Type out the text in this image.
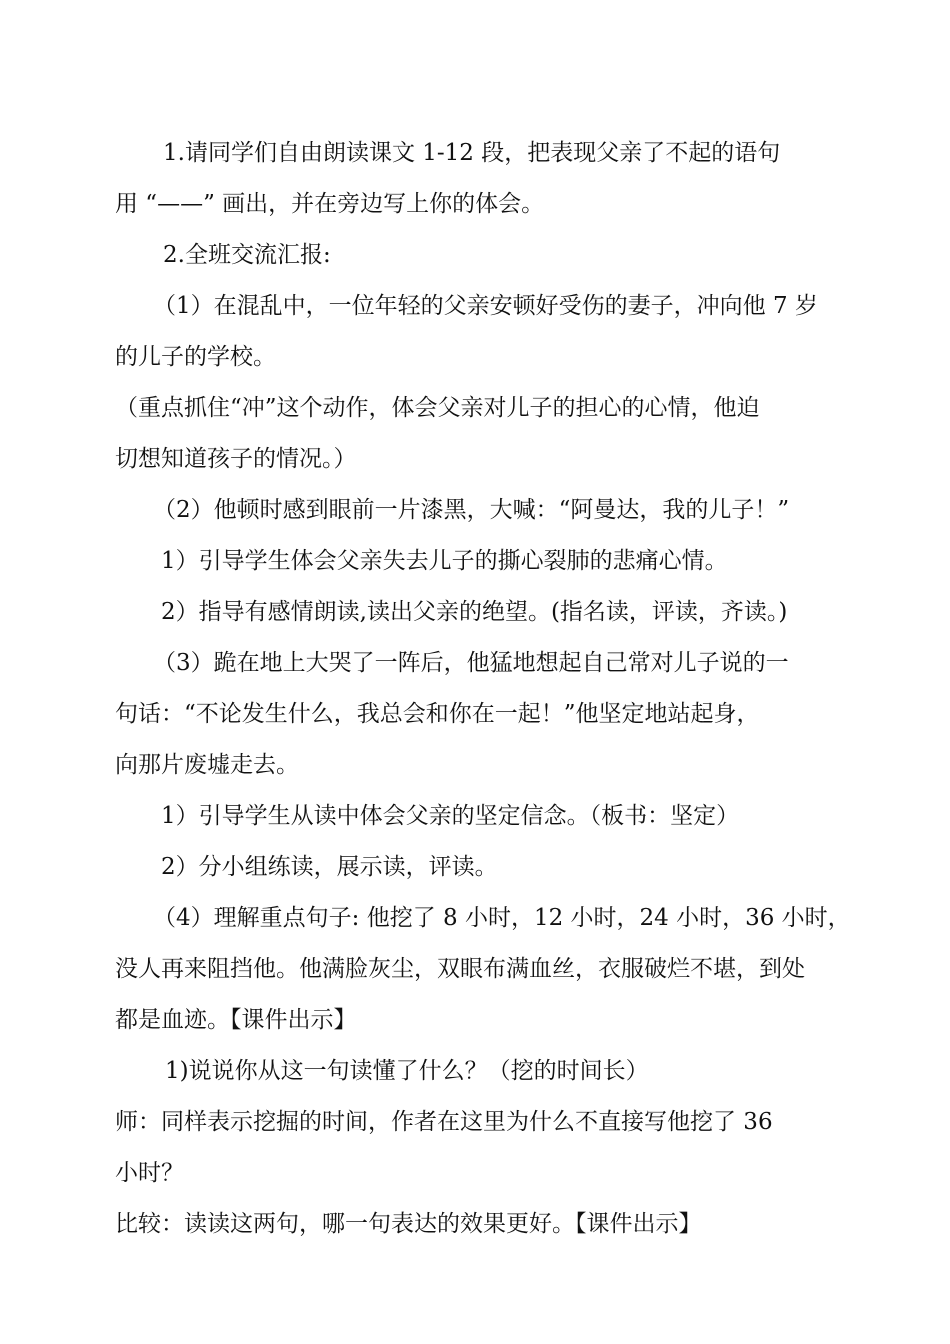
1.请同学们自由朗读课文 1-12 段，把表现父亲了不起的语句

用 “——” 画出，并在旁边写上你的体会。

2.全班交流汇报:

（1）在混乱中，一位年轻的父亲安顿好受伤的妻子，冲向他 7 岁

的儿子的学校。

（重点抓住“冲”这个动作，体会父亲对儿子的担心的心情，他迫

切想知道孩子的情况。）

（2）他顿时感到眼前一片漆黑，大喊：“阿曼达，我的儿子！”

1）引导学生体会父亲失去儿子的撕心裂肺的悲痛心情。

2）指导有感情朗读,读出父亲的绝望。(指名读，评读，齐读。)

（3）跪在地上大哭了一阵后，他猛地想起自己常对儿子说的一

句话：“不论发生什么，我总会和你在一起！”他坚定地站起身，

向那片废墟走去。

1）引导学生从读中体会父亲的坚定信念。（板书：坚定）

2）分小组练读，展示读，评读。

（4）理解重点句子: 他挖了 8 小时，12 小时，24 小时，36 小时，

没人再来阻挡他。他满脸灰尘，双眼布满血丝，衣服破烂不堪，到处

都是血迹。【课件出示】

1)说说你从这一句读懂了什么？（挖的时间长）

师：同样表示挖掘的时间，作者在这里为什么不直接写他挖了 36

小时？

比较：读读这两句，哪一句表达的效果更好。【课件出示】
